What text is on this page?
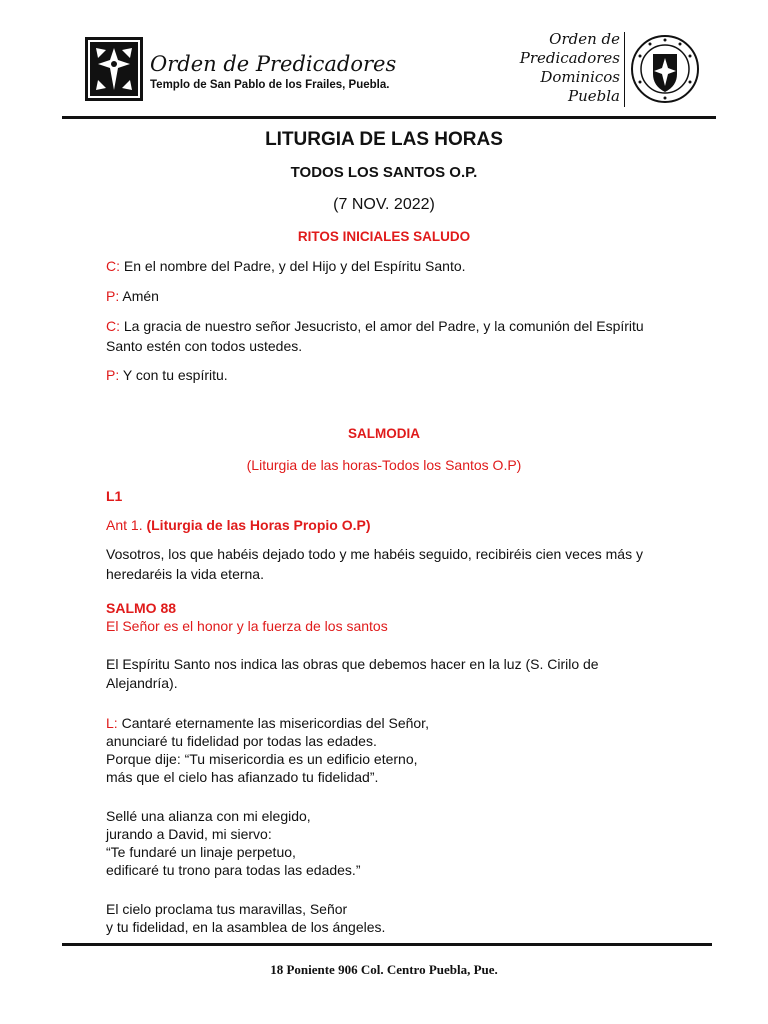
Orden de Predicadores
Templo de San Pablo de los Frailes, Puebla.
Orden de
Predicadores
Dominicos
Puebla

LITURGIA DE LAS HORAS

TODOS LOS SANTOS O.P.

(7 NOV. 2022)

RITOS INICIALES SALUDO

C: En el nombre del Padre, y del Hijo y del Espíritu Santo.

P: Amén

C: La gracia de nuestro señor Jesucristo, el amor del Padre, y la comunión del Espíritu Santo estén con todos ustedes.

P: Y con tu espíritu.

SALMODIA

(Liturgia de las horas-Todos los Santos O.P)

L1

Ant 1. (Liturgia de las Horas Propio O.P)

Vosotros, los que habéis dejado todo y me habéis seguido, recibiréis cien veces más y heredaréis la vida eterna.

SALMO 88

El Señor es el honor y la fuerza de los santos

El Espíritu Santo nos indica las obras que debemos hacer en la luz (S. Cirilo de Alejandría).

L: Cantaré eternamente las misericordias del Señor,

anunciaré tu fidelidad por todas las edades.

Porque dije: “Tu misericordia es un edificio eterno,

más que el cielo has afianzado tu fidelidad”.

Sellé una alianza con mi elegido,

jurando a David, mi siervo:

“Te fundaré un linaje perpetuo,

edificaré tu trono para todas las edades.”

El cielo proclama tus maravillas, Señor

y tu fidelidad, en la asamblea de los ángeles.

18 Poniente 906 Col. Centro Puebla, Pue.
